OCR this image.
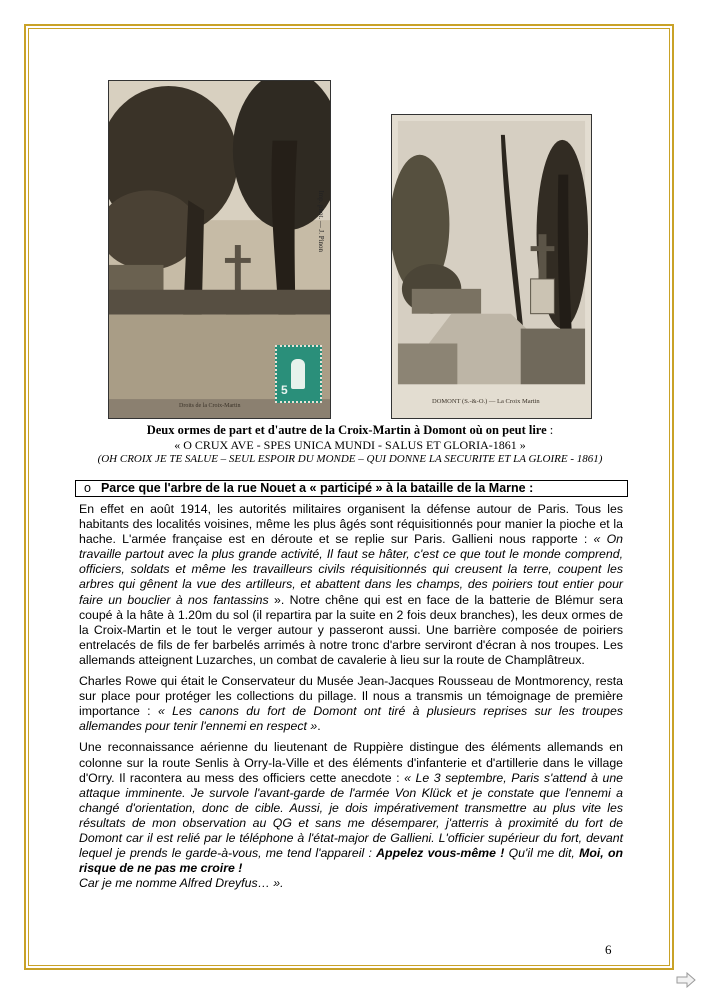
Imp. phot. — J. Pinon
5
Droits de la Croix-Martin
DOMONT (S.-&-O.) — La Croix Martin
Deux ormes de part et d'autre de la Croix-Martin à Domont où on peut lire :
« O CRUX AVE - SPES UNICA MUNDI - SALUS ET GLORIA-1861 »
(OH CROIX JE TE SALUE – SEUL ESPOIR DU MONDE – QUI DONNE LA SECURITE ET LA GLOIRE - 1861)
o Parce que l'arbre de la rue Nouet a « participé » à la bataille de la Marne :

En effet en août 1914, les autorités militaires organisent la défense autour de Paris. Tous les habitants des localités voisines, même les plus âgés sont réquisitionnés pour manier la pioche et la hache. L'armée française est en déroute et se replie sur Paris. Gallieni nous rapporte : « On travaille partout avec la plus grande activité, Il faut se hâter, c'est ce que tout le monde comprend, officiers, soldats et même les travailleurs civils réquisitionnés qui creusent la terre, coupent les arbres qui gênent la vue des artilleurs, et abattent dans les champs, des poiriers tout entier pour faire un bouclier à nos fantassins ». Notre chêne qui est en face de la batterie de Blémur sera coupé à la hâte à 1.20m du sol (il repartira par la suite en 2 fois deux branches), les deux ormes de la Croix-Martin et le tout le verger autour y passeront aussi. Une barrière composée de poiriers entrelacés de fils de fer barbelés arrimés à notre tronc d'arbre serviront d'écran à nos troupes. Les allemands atteignent Luzarches, un combat de cavalerie à lieu sur la route de Champlâtreux.

Charles Rowe qui était le Conservateur du Musée Jean-Jacques Rousseau de Montmorency, resta sur place pour protéger les collections du pillage. Il nous a transmis un témoignage de première importance : « Les canons du fort de Domont ont tiré à plusieurs reprises sur les troupes allemandes pour tenir l'ennemi en respect ».

Une reconnaissance aérienne du lieutenant de Ruppière distingue des éléments allemands en colonne sur la route Senlis à Orry-la-Ville et des éléments d'infanterie et d'artillerie dans le village d'Orry. Il racontera au mess des officiers cette anecdote : « Le 3 septembre, Paris s'attend à une attaque imminente. Je survole l'avant-garde de l'armée Von Klück et je constate que l'ennemi a changé d'orientation, donc de cible. Aussi, je dois impérativement transmettre au plus vite les résultats de mon observation au QG et sans me désemparer, j'atterris à proximité du fort de Domont car il est relié par le téléphone à l'état-major de Gallieni. L'officier supérieur du fort, devant lequel je prends le garde-à-vous, me tend l'appareil : Appelez vous-même ! Qu'il me dit, Moi, on risque de ne pas me croire !
Car je me nomme Alfred Dreyfus… ».

6
